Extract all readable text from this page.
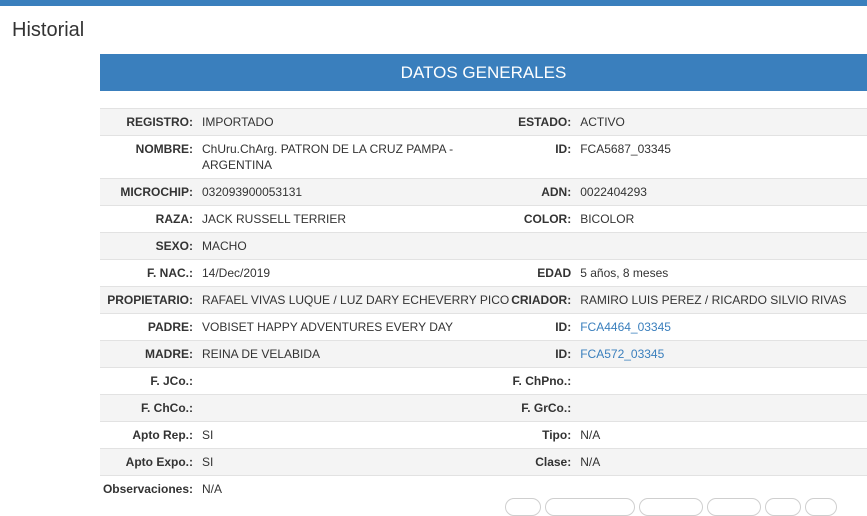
Historial
DATOS GENERALES
REGISTRO:	IMPORTADO	ESTADO:	ACTIVO
NOMBRE:	ChUru.ChArg. PATRON DE LA CRUZ PAMPA - ARGENTINA	ID:	FCA5687_03345
MICROCHIP:	032093900053131	ADN:	0022404293
RAZA:	JACK RUSSELL TERRIER	COLOR:	BICOLOR
SEXO:	MACHO		
F. NAC.:	14/Dec/2019	EDAD	5 años, 8 meses
PROPIETARIO:	RAFAEL VIVAS LUQUE / LUZ DARY ECHEVERRY PICO	CRIADOR:	RAMIRO LUIS PEREZ / RICARDO SILVIO RIVAS
PADRE:	VOBISET HAPPY ADVENTURES EVERY DAY	ID:	FCA4464_03345
MADRE:	REINA DE VELABIDA	ID:	FCA572_03345
F. JCo.:		F. ChPno.:	
F. ChCo.:		F. GrCo.:	
Apto Rep.:	SI	Tipo:	N/A
Apto Expo.:	SI	Clase:	N/A
Observaciones:	N/A		
